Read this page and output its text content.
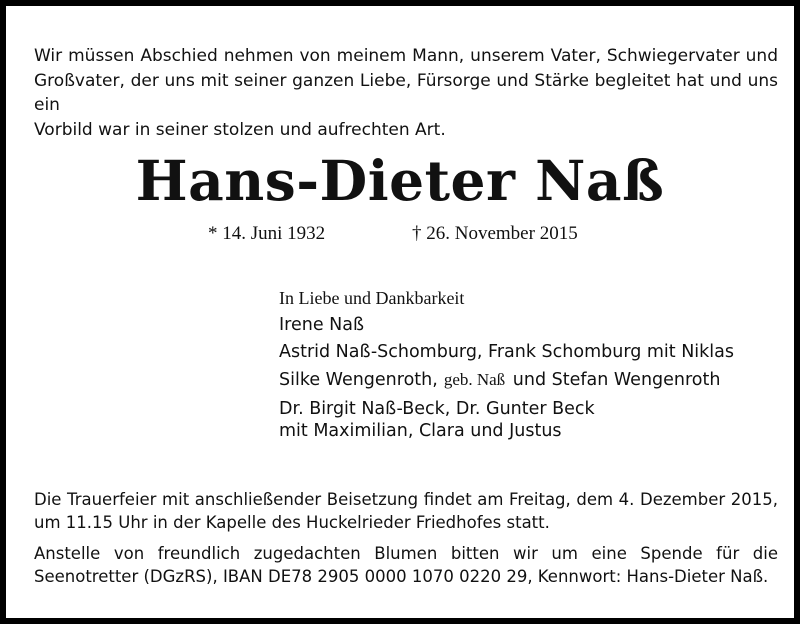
Wir müssen Abschied nehmen von meinem Mann, unserem Vater, Schwiegervater und
Großvater, der uns mit seiner ganzen Liebe, Fürsorge und Stärke begleitet hat und uns ein
Vorbild war in seiner stolzen und aufrechten Art.
Hans-Dieter Naß
* 14. Juni 1932	† 26. November 2015
In Liebe und Dankbarkeit
Irene Naß
Astrid Naß-Schomburg, Frank Schomburg mit Niklas
Silke Wengenroth, geb. Naß und Stefan Wengenroth
Dr. Birgit Naß-Beck, Dr. Gunter Beck
mit Maximilian, Clara und Justus
Die Trauerfeier mit anschließender Beisetzung findet am Freitag, dem 4. Dezember 2015,
um 11.15 Uhr in der Kapelle des Huckelrieder Friedhofes statt.
Anstelle von freundlich zugedachten Blumen bitten wir um eine Spende für die
Seenotretter (DGzRS), IBAN DE78 2905 0000 1070 0220 29, Kennwort: Hans-Dieter Naß.
